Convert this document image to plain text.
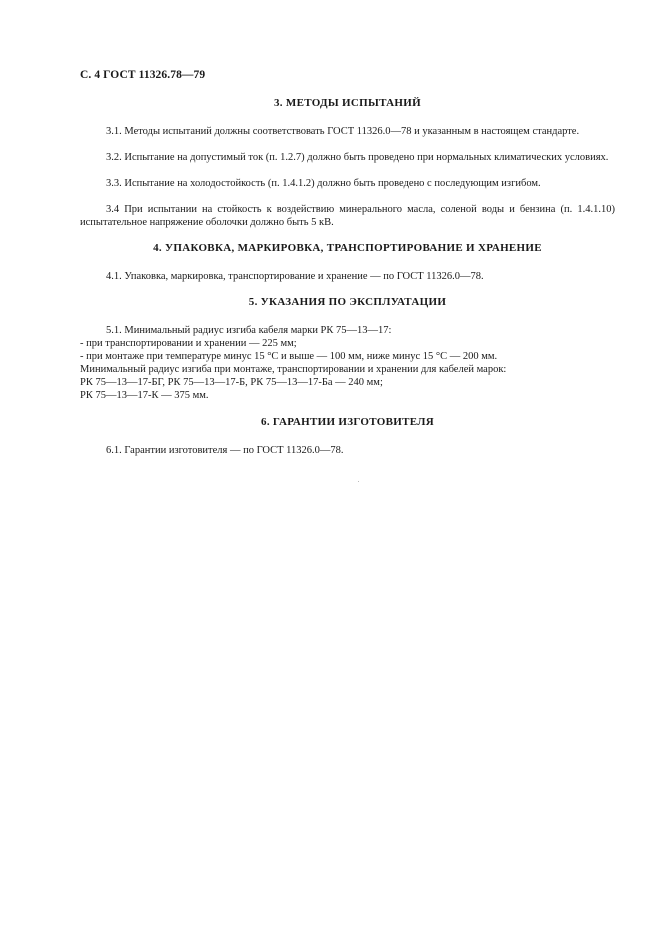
С. 4 ГОСТ 11326.78—79
3. МЕТОДЫ ИСПЫТАНИЙ
3.1. Методы испытаний должны соответствовать ГОСТ 11326.0—78 и указанным в настоящем стандарте.
3.2. Испытание на допустимый ток (п. 1.2.7) должно быть проведено при нормальных климатических условиях.
3.3. Испытание на холодостойкость (п. 1.4.1.2) должно быть проведено с последующим изгибом.
3.4 При испытании на стойкость к воздействию минерального масла, соленой воды и бензина (п. 1.4.1.10) испытательное напряжение оболочки должно быть 5 кВ.
4. УПАКОВКА, МАРКИРОВКА, ТРАНСПОРТИРОВАНИЕ И ХРАНЕНИЕ
4.1. Упаковка, маркировка, транспортирование и хранение — по ГОСТ 11326.0—78.
5. УКАЗАНИЯ ПО ЭКСПЛУАТАЦИИ
5.1. Минимальный радиус изгиба кабеля марки РК 75—13—17:
- при транспортировании и хранении — 225 мм;
- при монтаже при температуре минус 15 °С и выше — 100 мм, ниже минус 15 °С — 200 мм.
Минимальный радиус изгиба при монтаже, транспортировании и хранении для кабелей марок:
РК 75—13—17-БГ, РК 75—13—17-Б, РК 75—13—17-Ба — 240 мм;
РК 75—13—17-К — 375 мм.
6. ГАРАНТИИ ИЗГОТОВИТЕЛЯ
6.1. Гарантии изготовителя — по ГОСТ 11326.0—78.
